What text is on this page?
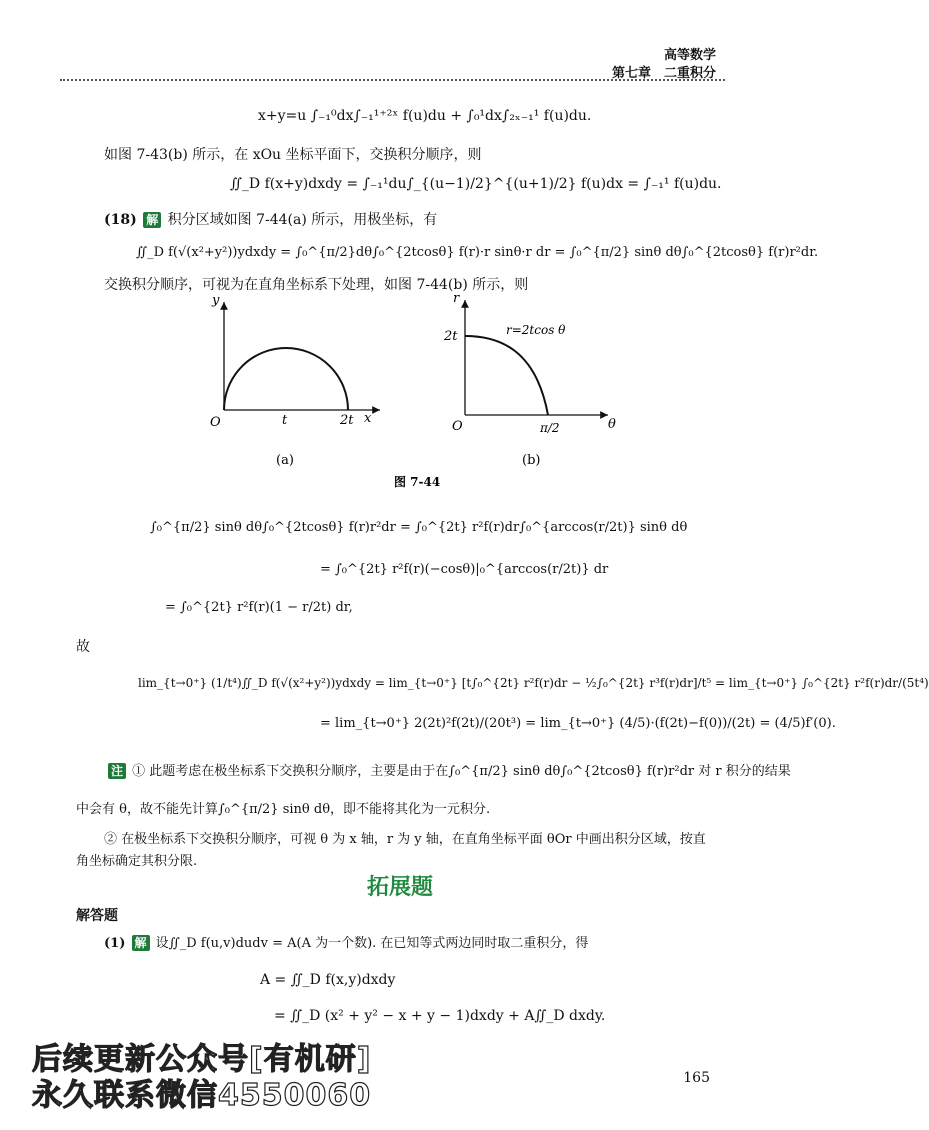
高等数学
第七章　二重积分
x+y=u ∫₋₁⁰dx∫₋₁¹⁺²ˣ f(u)du + ∫₀¹dx∫₂ₓ₋₁¹ f(u)du.
如图 7-43(b) 所示，在 xOu 坐标平面下，交换积分顺序，则
∬_D f(x+y)dxdy = ∫₋₁¹du∫_{(u−1)/2}^{(u+1)/2} f(u)dx = ∫₋₁¹ f(u)du.
(18) 解 积分区域如图 7-44(a) 所示，用极坐标，有
∬_D f(√(x²+y²))ydxdy = ∫₀^{π/2}dθ∫₀^{2tcosθ} f(r)·r sinθ·r dr = ∫₀^{π/2} sinθ dθ∫₀^{2tcosθ} f(r)r²dr.
交换积分顺序，可视为在直角坐标系下处理，如图 7-44(b) 所示，则
y
x
O	t	2t
(a)
r
θ
O
2t	r=2tcos θ
π/2
(b)
图 7-44
∫₀^{π/2} sinθ dθ∫₀^{2tcosθ} f(r)r²dr = ∫₀^{2t} r²f(r)dr∫₀^{arccos(r/2t)} sinθ dθ
= ∫₀^{2t} r²f(r)(−cosθ)|₀^{arccos(r/2t)} dr
= ∫₀^{2t} r²f(r)(1 − r/2t) dr,
故
lim_{t→0⁺} (1/t⁴)∬_D f(√(x²+y²))ydxdy = lim_{t→0⁺} [t∫₀^{2t} r²f(r)dr − ½∫₀^{2t} r³f(r)dr]/t⁵ = lim_{t→0⁺} ∫₀^{2t} r²f(r)dr/(5t⁴)
= lim_{t→0⁺} 2(2t)²f(2t)/(20t³) = lim_{t→0⁺} (4/5)·(f(2t)−f(0))/(2t) = (4/5)f′(0).
注 ① 此题考虑在极坐标系下交换积分顺序，主要是由于在∫₀^{π/2} sinθ dθ∫₀^{2tcosθ} f(r)r²dr 对 r 积分的结果
中会有 θ，故不能先计算∫₀^{π/2} sinθ dθ，即不能将其化为一元积分.
② 在极坐标系下交换积分顺序，可视 θ 为 x 轴，r 为 y 轴，在直角坐标平面 θOr 中画出积分区域，按直
角坐标确定其积分限.
拓展题
解答题
(1) 解 设∬_D f(u,v)dudv = A(A 为一个数). 在已知等式两边同时取二重积分，得
A = ∬_D f(x,y)dxdy
= ∬_D (x² + y² − x + y − 1)dxdy + A∬_D dxdy.
后续更新公众号[有机研]
永久联系微信4550060	165
